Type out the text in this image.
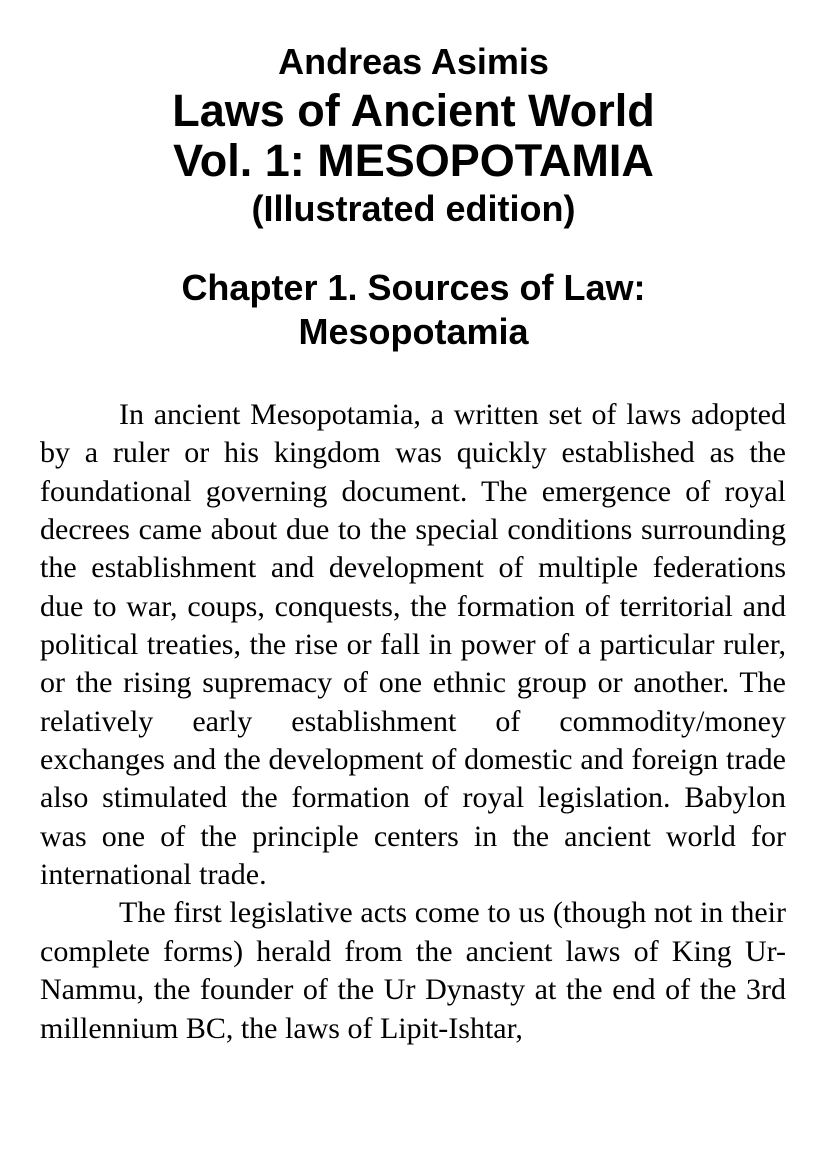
Andreas Asimis
Laws of Ancient World
Vol. 1: MESOPOTAMIA
(Illustrated edition)
Chapter 1. Sources of Law:
Mesopotamia

In ancient Mesopotamia, a written set of laws adopted by a ruler or his kingdom was quickly established as the foundational governing document. The emergence of royal decrees came about due to the special conditions surrounding the establishment and development of multiple federations due to war, coups, conquests, the formation of territorial and political treaties, the rise or fall in power of a particular ruler, or the rising supremacy of one ethnic group or another. The relatively early establishment of commodity/money exchanges and the development of domestic and foreign trade also stimulated the formation of royal legislation. Babylon was one of the principle centers in the ancient world for international trade.

The first legislative acts come to us (though not in their complete forms) herald from the ancient laws of King Ur-Nammu, the founder of the Ur Dynasty at the end of the 3rd millennium BC, the laws of Lipit-Ishtar,
